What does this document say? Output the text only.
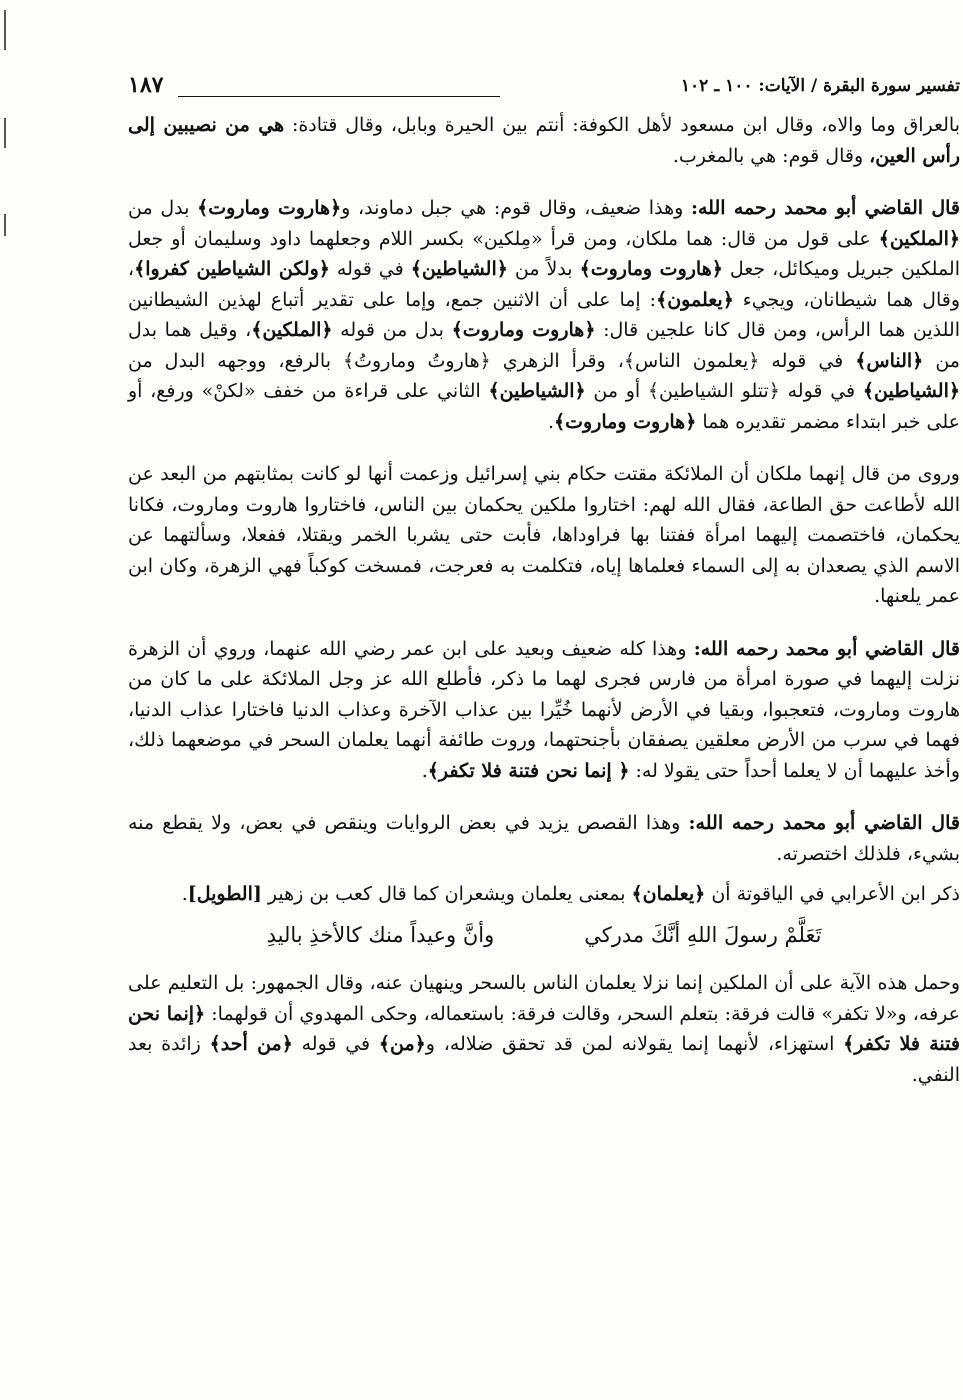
تفسير سورة البقرة / الآيات: ١٠٠ ـ ١٠٢
١٨٧

بالعراق وما والاه، وقال ابن مسعود لأهل الكوفة: أنتم بين الحيرة وبابل، وقال قتادة: هي من نصيبين إلى رأس العين، وقال قوم: هي بالمغرب.

قال القاضي أبو محمد رحمه الله: وهذا ضعيف، وقال قوم: هي جبل دماوند، و﴿هاروت وماروت﴾ بدل من ﴿الملكين﴾ على قول من قال: هما ملكان، ومن قرأ «مِلكين» بكسر اللام وجعلهما داود وسليمان أو جعل الملكين جبريل وميكائل، جعل ﴿هاروت وماروت﴾ بدلاً من ﴿الشياطين﴾ في قوله ﴿ولكن الشياطين كفروا﴾، وقال هما شيطانان، ويجيء ﴿يعلمون﴾: إما على أن الاثنين جمع، وإما على تقدير أتباع لهذين الشيطانين اللذين هما الرأس، ومن قال كانا علجين قال: ﴿هاروت وماروت﴾ بدل من قوله ﴿الملكين﴾، وقيل هما بدل من ﴿الناس﴾ في قوله ﴿يعلمون الناس﴾، وقرأ الزهري ﴿هاروتُ وماروتُ﴾ بالرفع، ووجهه البدل من ﴿الشياطين﴾ في قوله ﴿تتلو الشياطين﴾ أو من ﴿الشياطين﴾ الثاني على قراءة من خفف «لكنْ» ورفع، أو على خبر ابتداء مضمر تقديره هما ﴿هاروت وماروت﴾.

وروى من قال إنهما ملكان أن الملائكة مقتت حكام بني إسرائيل وزعمت أنها لو كانت بمثابتهم من البعد عن الله لأطاعت حق الطاعة، فقال الله لهم: اختاروا ملكين يحكمان بين الناس، فاختاروا هاروت وماروت، فكانا يحكمان، فاختصمت إليهما امرأة ففتنا بها فراوداها، فأبت حتى يشربا الخمر ويقتلا، ففعلا، وسألتهما عن الاسم الذي يصعدان به إلى السماء فعلماها إياه، فتكلمت به فعرجت، فمسخت كوكباً فهي الزهرة، وكان ابن عمر يلعنها.

قال القاضي أبو محمد رحمه الله: وهذا كله ضعيف وبعيد على ابن عمر رضي الله عنهما، وروي أن الزهرة نزلت إليهما في صورة امرأة من فارس فجرى لهما ما ذكر، فأطلع الله عز وجل الملائكة على ما كان من هاروت وماروت، فتعجبوا، وبقيا في الأرض لأنهما خُيِّرا بين عذاب الآخرة وعذاب الدنيا فاختارا عذاب الدنيا، فهما في سرب من الأرض معلقين يصفقان بأجنحتهما، وروت طائفة أنهما يعلمان السحر في موضعهما ذلك، وأخذ عليهما أن لا يعلما أحداً حتى يقولا له: ﴿ إنما نحن فتنة فلا تكفر﴾.

قال القاضي أبو محمد رحمه الله: وهذا القصص يزيد في بعض الروايات وينقص في بعض، ولا يقطع منه بشيء، فلذلك اختصرته.

ذكر ابن الأعرابي في الياقوتة أن ﴿يعلمان﴾ بمعنى يعلمان ويشعران كما قال كعب بن زهير [الطويل].

تَعَلَّمْ رسولَ اللهِ أنَّكَ مدركي
وأنَّ وعيداً منك كالأخذِ باليدِ

وحمل هذه الآية على أن الملكين إنما نزلا يعلمان الناس بالسحر وينهيان عنه، وقال الجمهور: بل التعليم على عرفه، و«لا تكفر» قالت فرقة: بتعلم السحر، وقالت فرقة: باستعماله، وحكى المهدوي أن قولهما: ﴿إنما نحن فتنة فلا تكفر﴾ استهزاء، لأنهما إنما يقولانه لمن قد تحقق ضلاله، و﴿من﴾ في قوله ﴿من أحد﴾ زائدة بعد النفي.
